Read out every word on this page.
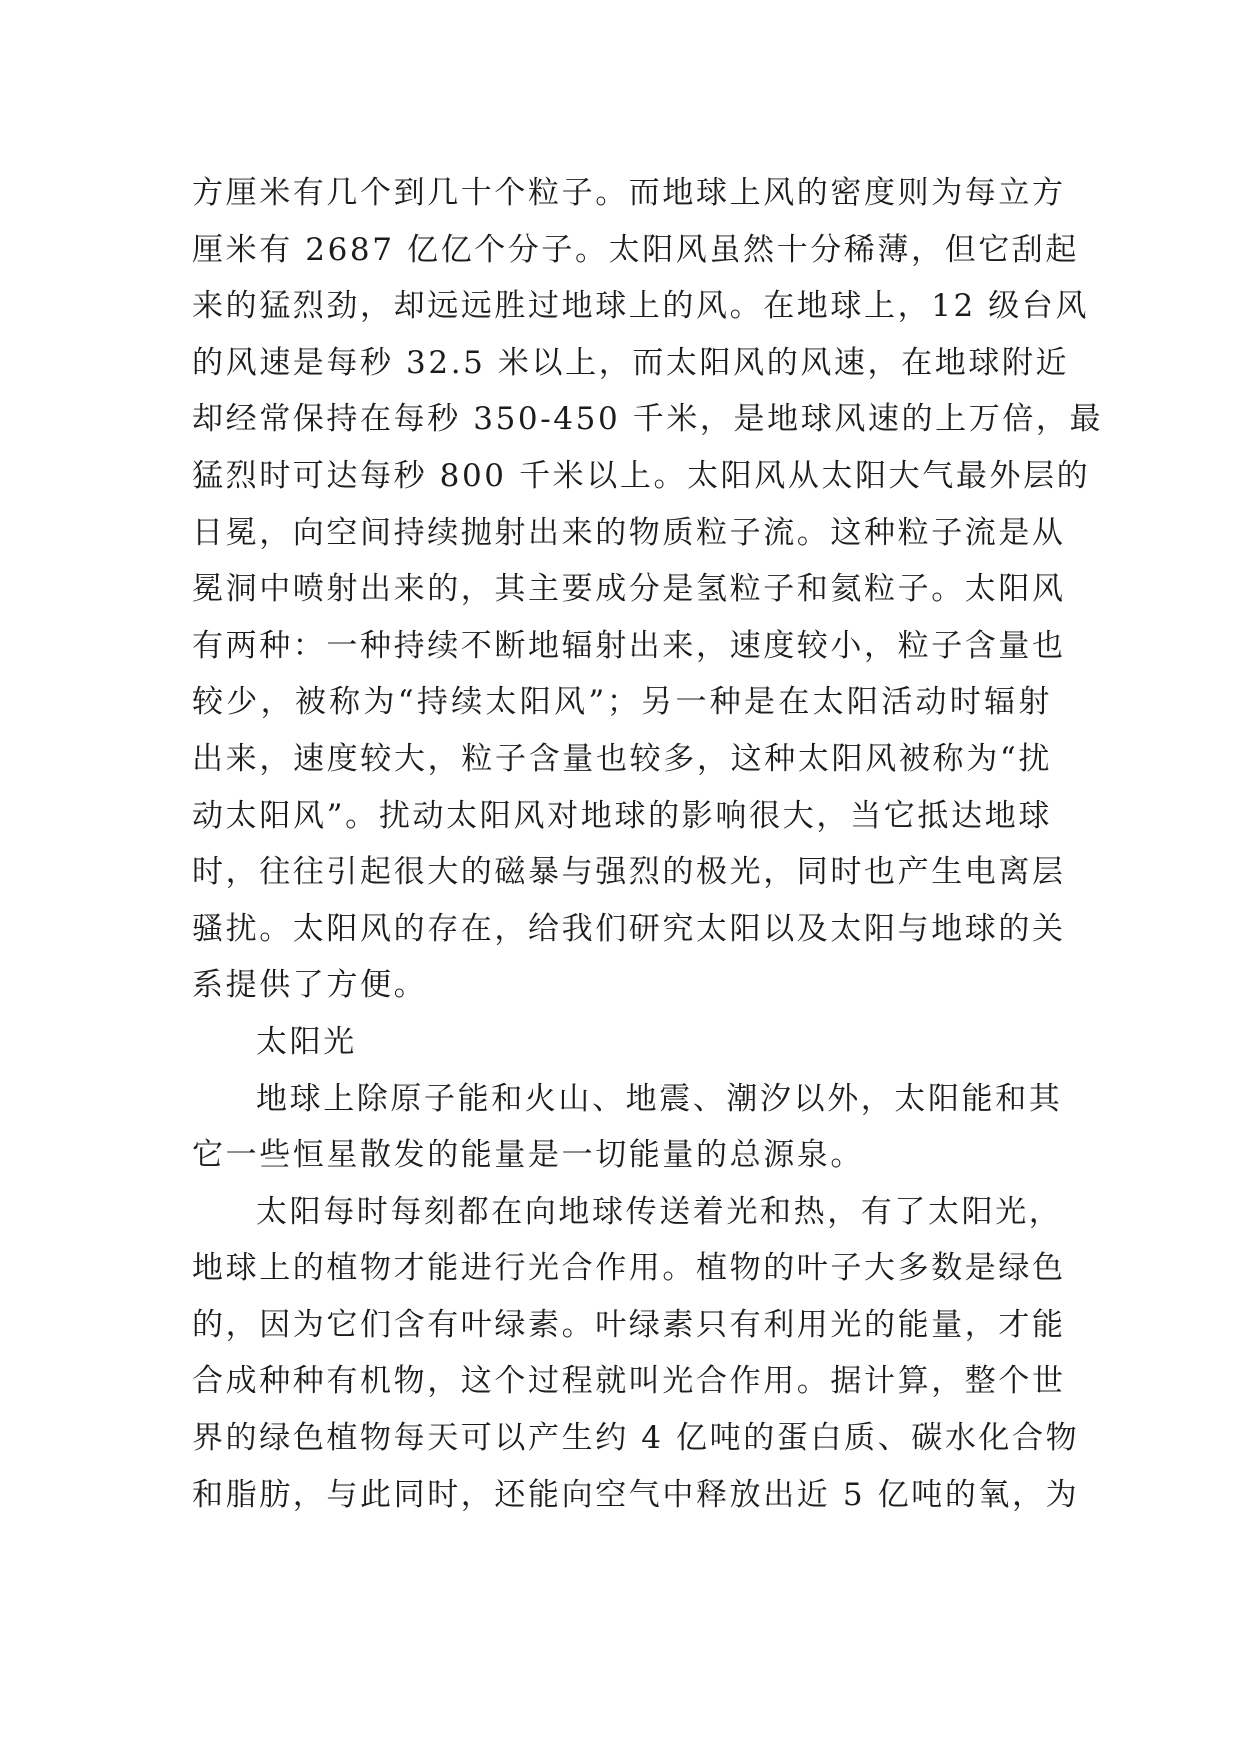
方厘米有几个到几十个粒子。而地球上风的密度则为每立方
厘米有 2687 亿亿个分子。太阳风虽然十分稀薄，但它刮起
来的猛烈劲，却远远胜过地球上的风。在地球上，12 级台风
的风速是每秒 32.5 米以上，而太阳风的风速，在地球附近
却经常保持在每秒 350-450 千米，是地球风速的上万倍，最
猛烈时可达每秒 800 千米以上。太阳风从太阳大气最外层的
日冕，向空间持续抛射出来的物质粒子流。这种粒子流是从
冕洞中喷射出来的，其主要成分是氢粒子和氦粒子。太阳风
有两种：一种持续不断地辐射出来，速度较小，粒子含量也
较少，被称为“持续太阳风”；另一种是在太阳活动时辐射
出来，速度较大，粒子含量也较多，这种太阳风被称为“扰
动太阳风”。扰动太阳风对地球的影响很大，当它抵达地球
时，往往引起很大的磁暴与强烈的极光，同时也产生电离层
骚扰。太阳风的存在，给我们研究太阳以及太阳与地球的关
系提供了方便。

太阳光

地球上除原子能和火山、地震、潮汐以外，太阳能和其
它一些恒星散发的能量是一切能量的总源泉。

太阳每时每刻都在向地球传送着光和热，有了太阳光，
地球上的植物才能进行光合作用。植物的叶子大多数是绿色
的，因为它们含有叶绿素。叶绿素只有利用光的能量，才能
合成种种有机物，这个过程就叫光合作用。据计算，整个世
界的绿色植物每天可以产生约 4 亿吨的蛋白质、碳水化合物
和脂肪，与此同时，还能向空气中释放出近 5 亿吨的氧，为
